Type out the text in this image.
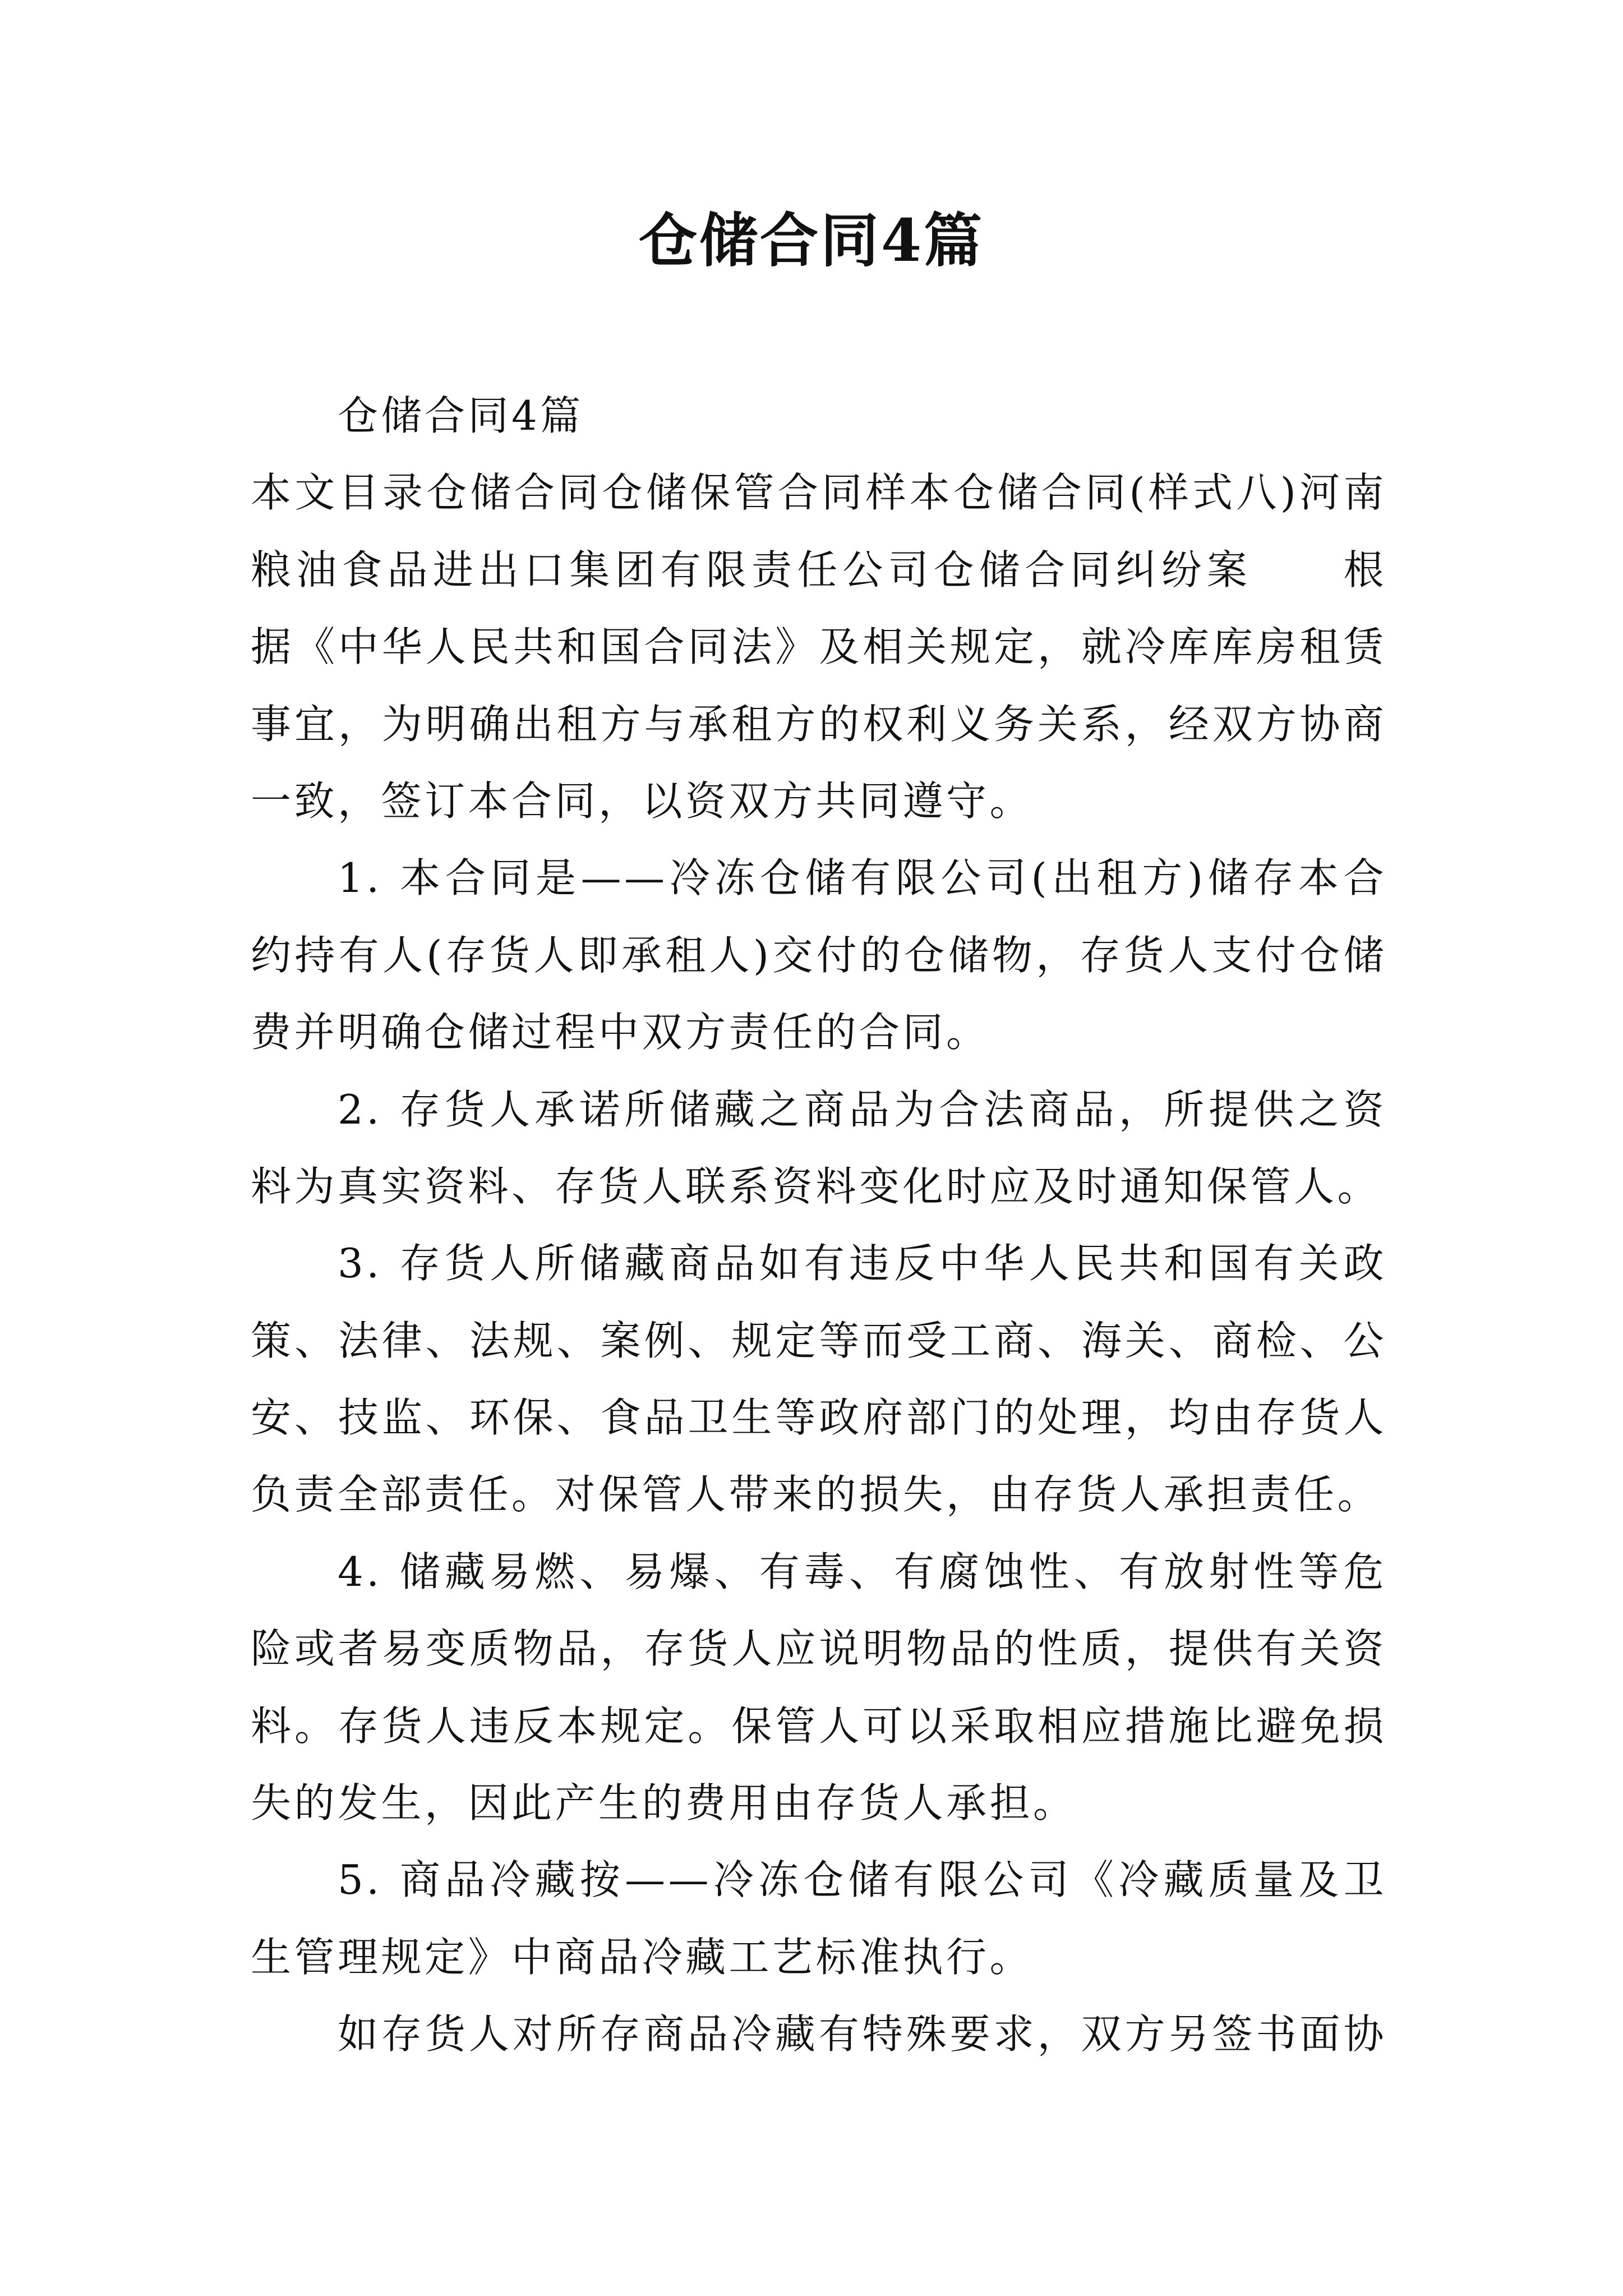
仓储合同4篇
仓储合同4篇
本文目录仓储合同仓储保管合同样本仓储合同(样式八)河南
粮油食品进出口集团有限责任公司仓储合同纠纷案　　根
据《中华人民共和国合同法》及相关规定，就冷库库房租赁
事宜，为明确出租方与承租方的权利义务关系，经双方协商
一致，签订本合同，以资双方共同遵守。
1. 本合同是——冷冻仓储有限公司(出租方)储存本合
约持有人(存货人即承租人)交付的仓储物，存货人支付仓储
费并明确仓储过程中双方责任的合同。
2. 存货人承诺所储藏之商品为合法商品，所提供之资
料为真实资料、存货人联系资料变化时应及时通知保管人。
3. 存货人所储藏商品如有违反中华人民共和国有关政
策、法律、法规、案例、规定等而受工商、海关、商检、公
安、技监、环保、食品卫生等政府部门的处理，均由存货人
负责全部责任。对保管人带来的损失，由存货人承担责任。
4. 储藏易燃、易爆、有毒、有腐蚀性、有放射性等危
险或者易变质物品，存货人应说明物品的性质，提供有关资
料。存货人违反本规定。保管人可以采取相应措施比避免损
失的发生，因此产生的费用由存货人承担。
5. 商品冷藏按——冷冻仓储有限公司《冷藏质量及卫
生管理规定》中商品冷藏工艺标准执行。
如存货人对所存商品冷藏有特殊要求，双方另签书面协
